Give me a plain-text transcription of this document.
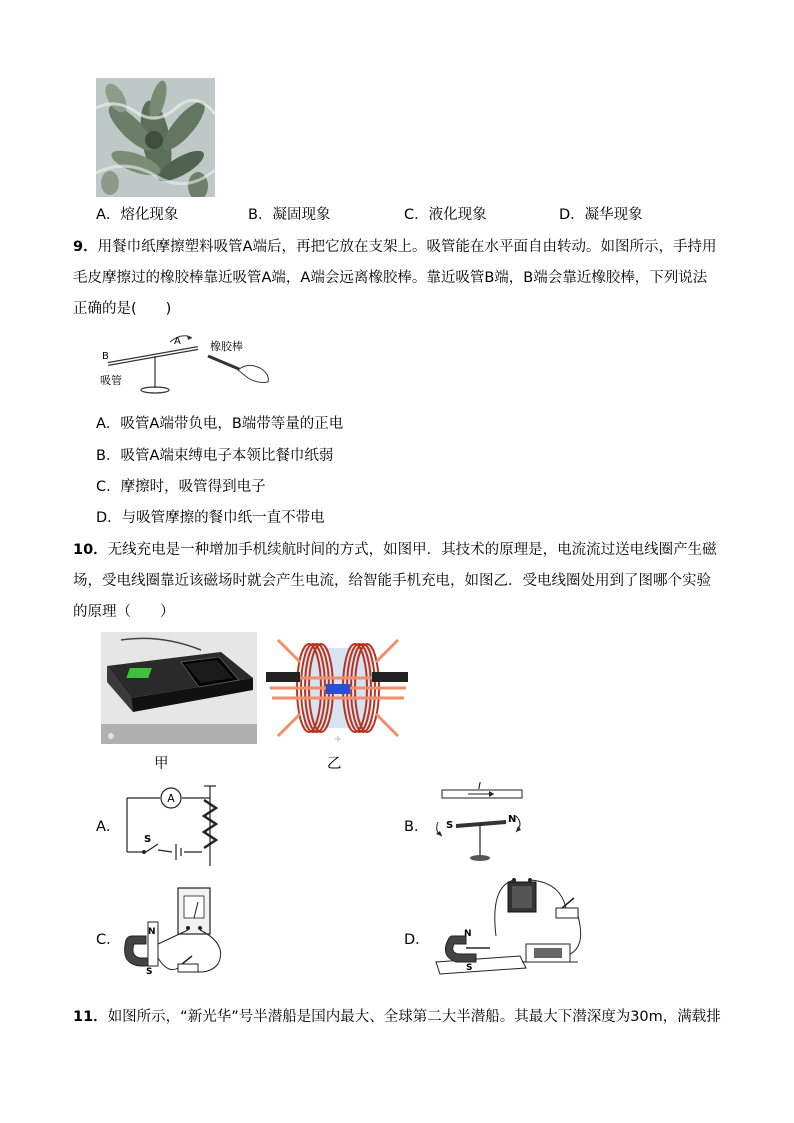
A．熔化现象	B．凝固现象	C．液化现象	D．凝华现象
9．用餐巾纸摩擦塑料吸管A端后，再把它放在支架上。吸管能在水平面自由转动。如图所示，手持用
毛皮摩擦过的橡胶棒靠近吸管A端，A端会远离橡胶棒。靠近吸管B端，B端会靠近橡胶棒，下列说法
正确的是(　　)
B
A
吸管
橡胶棒
A．吸管A端带负电，B端带等量的正电
B．吸管A端束缚电子本领比餐巾纸弱
C．摩擦时，吸管得到电子
D．与吸管摩擦的餐巾纸一直不带电
10．无线充电是一种增加手机续航时间的方式，如图甲．其技术的原理是，电流流过送电线圈产生磁
场，受电线圈靠近该磁场时就会产生电流，给智能手机充电，如图乙．受电线圈处用到了图哪个实验
的原理（　　）
+
甲	乙
A．
A
S
B．
I
S
N
C．	N
S
D．	N
S
11．如图所示，“新光华”号半潜船是国内最大、全球第二大半潜船。其最大下潜深度为30m，满载排
